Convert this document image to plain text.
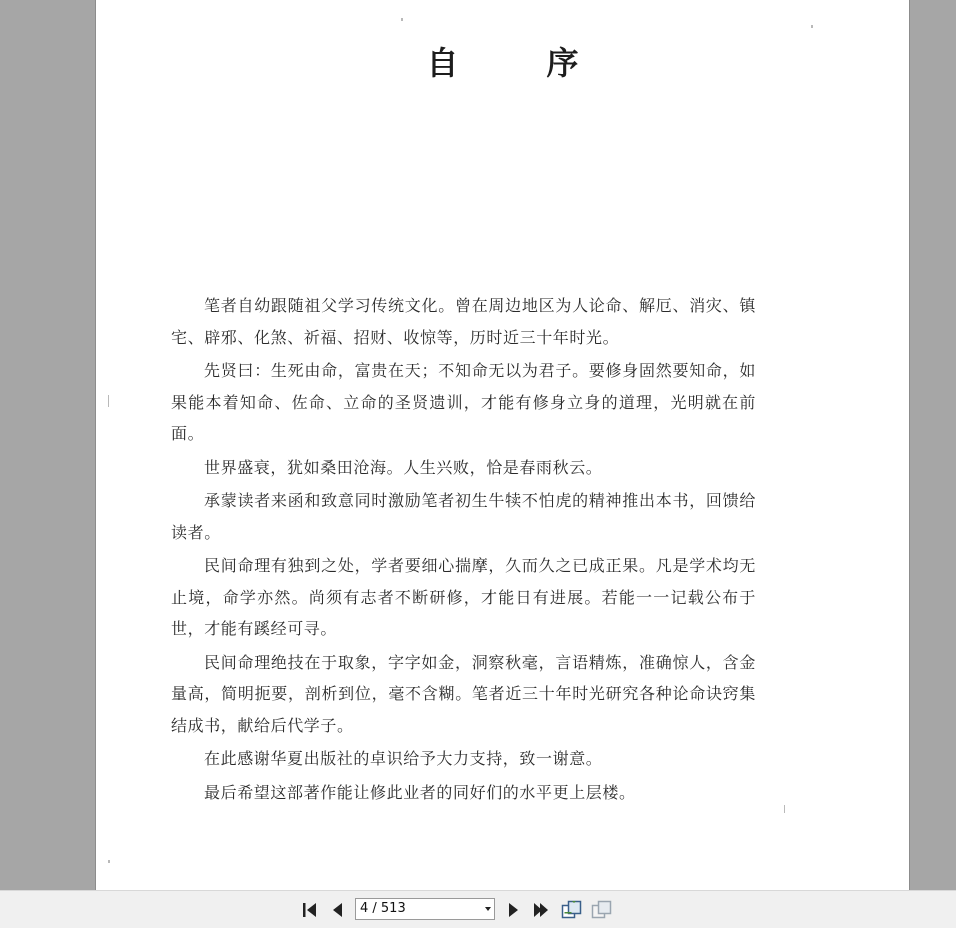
自　序

笔者自幼跟随祖父学习传统文化。曾在周边地区为人论命、解厄、消灾、镇宅、辟邪、化煞、祈福、招财、收惊等，历时近三十年时光。

先贤曰：生死由命，富贵在天；不知命无以为君子。要修身固然要知命，如果能本着知命、佐命、立命的圣贤遗训，才能有修身立身的道理，光明就在前面。

世界盛衰，犹如桑田沧海。人生兴败，恰是春雨秋云。

承蒙读者来函和致意同时激励笔者初生牛犊不怕虎的精神推出本书，回馈给读者。

民间命理有独到之处，学者要细心揣摩，久而久之已成正果。凡是学术均无止境，命学亦然。尚须有志者不断研修，才能日有进展。若能一一记载公布于世，才能有蹊经可寻。

民间命理绝技在于取象，字字如金，洞察秋毫，言语精炼，准确惊人，含金量高，简明扼要，剖析到位，毫不含糊。笔者近三十年时光研究各种论命诀窍集结成书，献给后代学子。

在此感谢华夏出版社的卓识给予大力支持，致一谢意。

最后希望这部著作能让修此业者的同好们的水平更上层楼。

4 / 513
